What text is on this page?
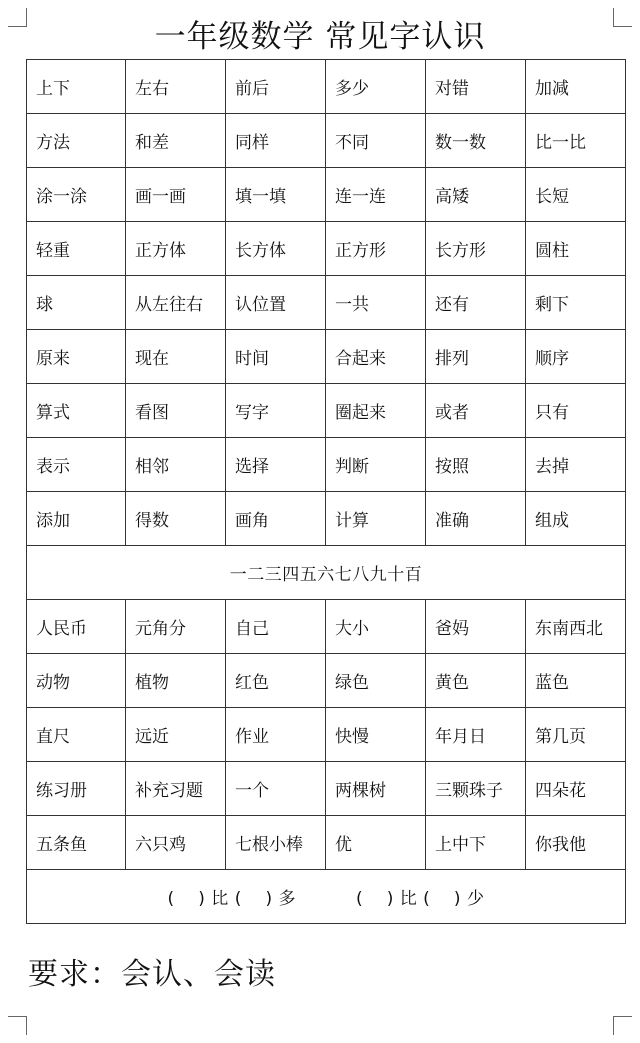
一年级数学 常见字认识
上下	左右	前后	多少	对错	加减
方法	和差	同样	不同	数一数	比一比
涂一涂	画一画	填一填	连一连	高矮	长短
轻重	正方体	长方体	正方形	长方形	圆柱
球	从左往右	认位置	一共	还有	剩下
原来	现在	时间	合起来	排列	顺序
算式	看图	写字	圈起来	或者	只有
表示	相邻	选择	判断	按照	去掉
添加	得数	画角	计算	准确	组成
一二三四五六七八九十百					
人民币	元角分	自己	大小	爸妈	东南西北
动物	植物	红色	绿色	黄色	蓝色
直尺	远近	作业	快慢	年月日	第几页
练习册	补充习题	一个	两棵树	三颗珠子	四朵花
五条鱼	六只鸡	七根小棒	优	上中下	你我他
(    ) 比 (    ) 多 (    ) 比 (    ) 少					

要求：会认、会读
